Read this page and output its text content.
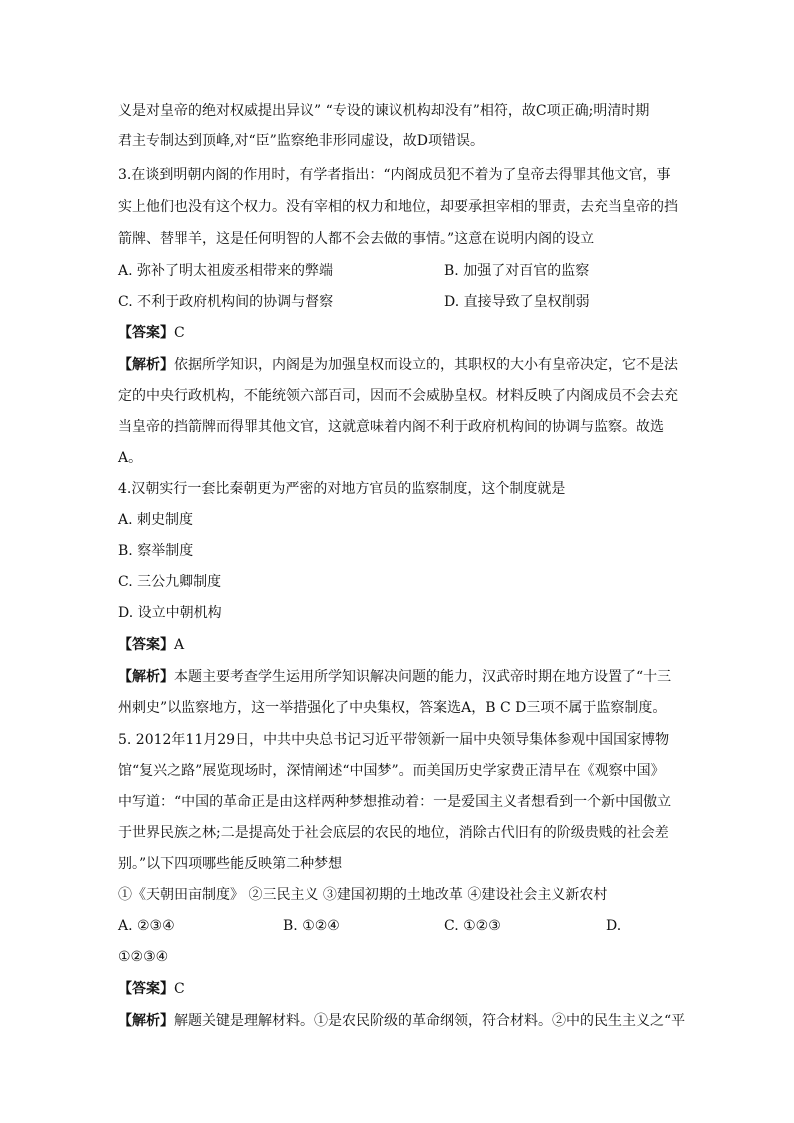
义是对皇帝的绝对权威提出异议” “专设的谏议机构却没有”相符，故C项正确;明清时期
君主专制达到顶峰,对“臣”监察绝非形同虚设，故D项错误。
3.在谈到明朝内阁的作用时，有学者指出：“内阁成员犯不着为了皇帝去得罪其他文官，事
实上他们也没有这个权力。没有宰相的权力和地位，却要承担宰相的罪责，去充当皇帝的挡
箭牌、替罪羊，这是任何明智的人都不会去做的事情。”这意在说明内阁的设立
A. 弥补了明太祖废丞相带来的弊端	B. 加强了对百官的监察
C. 不利于政府机构间的协调与督察	D. 直接导致了皇权削弱
【答案】C
【解析】依据所学知识，内阁是为加强皇权而设立的，其职权的大小有皇帝决定，它不是法
定的中央行政机构，不能统领六部百司，因而不会威胁皇权。材料反映了内阁成员不会去充
当皇帝的挡箭牌而得罪其他文官，这就意味着内阁不利于政府机构间的协调与监察。故选
A。
4.汉朝实行一套比秦朝更为严密的对地方官员的监察制度，这个制度就是
A. 刺史制度
B. 察举制度
C. 三公九卿制度
D. 设立中朝机构
【答案】A
【解析】本题主要考查学生运用所学知识解决问题的能力，汉武帝时期在地方设置了“十三
州刺史”以监察地方，这一举措强化了中央集权，答案选A，B C D三项不属于监察制度。
5. 2012年11月29日，中共中央总书记习近平带领新一届中央领导集体参观中国国家博物
馆“复兴之路”展览现场时，深情阐述“中国梦”。而美国历史学家费正清早在《观察中国》
中写道：“中国的革命正是由这样两种梦想推动着：一是爱国主义者想看到一个新中国傲立
于世界民族之林;二是提高处于社会底层的农民的地位，消除古代旧有的阶级贵贱的社会差
别。”以下四项哪些能反映第二种梦想
①《天朝田亩制度》 ②三民主义 ③建国初期的土地改革 ④建设社会主义新农村
A. ②③④	B. ①②④	C. ①②③	D.
①②③④
【答案】C
【解析】解题关键是理解材料。①是农民阶级的革命纲领，符合材料。②中的民生主义之“平
